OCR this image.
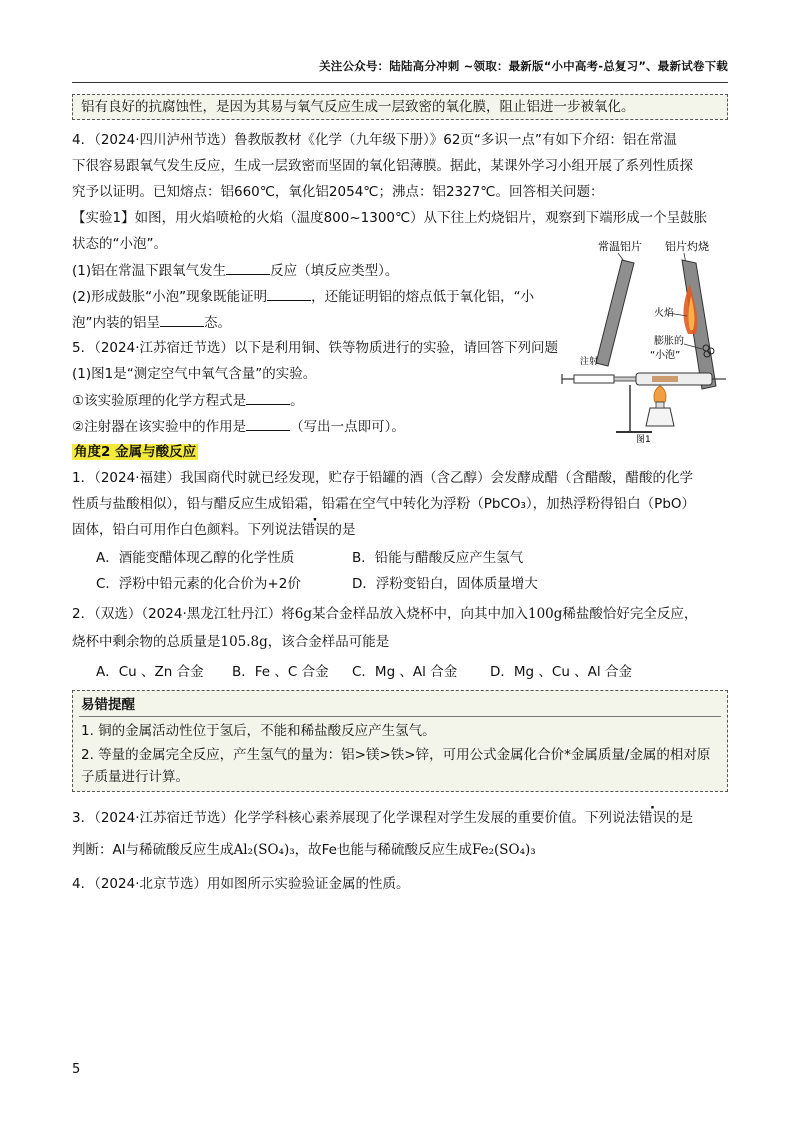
关注公众号：陆陆高分冲刺 ~领取：最新版“小中高考-总复习”、最新试卷下载
铝有良好的抗腐蚀性，是因为其易与氧气反应生成一层致密的氧化膜，阻止铝进一步被氧化。
4．（2024·四川泸州节选）鲁教版教材《化学（九年级下册）》62页“多识一点”有如下介绍：铝在常温
下很容易跟氧气发生反应，生成一层致密而坚固的氧化铝薄膜。据此，某课外学习小组开展了系列性质探
究予以证明。已知熔点：铝660℃，氧化铝2054℃；沸点：铝2327℃。回答相关问题：
【实验1】如图，用火焰喷枪的火焰（温度800~1300℃）从下往上灼烧铝片，观察到下端形成一个呈鼓胀
状态的“小泡”。
(1)铝在常温下跟氧气发生	反应（填反应类型）。
(2)形成鼓胀“小泡”现象既能证明	，还能证明铝的熔点低于氧化铝，“小
泡”内装的铝呈	态。
5．（2024·江苏宿迁节选）以下是利用铜、铁等物质进行的实验，请回答下列问题
(1)图1是“测定空气中氧气含量”的实验。
①该实验原理的化学方程式是	。
②注射器在该实验中的作用是	（写出一点即可）。
常温铝片 铝片灼烧
火焰
膨胀的
“小泡”
注射
图1
角度2 金属与酸反应
1．（2024·福建）我国商代时就已经发现，贮存于铅罐的酒（含乙醇）会发酵成醋（含醋酸，醋酸的化学
性质与盐酸相似），铅与醋反应生成铅霜，铅霜在空气中转化为浮粉（PbCO₃），加热浮粉得铅白（PbO）
固体，铅白可用作白色颜料。下列说法错误的是
A．酒能变醋体现乙醇的化学性质	B．铅能与醋酸反应产生氢气
C．浮粉中铅元素的化合价为+2价	D．浮粉变铅白，固体质量增大
2．（双选）（2024·黑龙江牡丹江）将6g某合金样品放入烧杯中，向其中加入100g稀盐酸恰好完全反应，
烧杯中剩余物的总质量是105.8g，该合金样品可能是
A．Cu 、Zn 合金 B．Fe 、C 合金 C．Mg 、Al 合金 D．Mg 、Cu 、Al 合金
易错提醒
1. 铜的金属活动性位于氢后，不能和稀盐酸反应产生氢气。
2. 等量的金属完全反应，产生氢气的量为：铝>镁>铁>锌，可用公式金属化合价*金属质量/金属的相对原
子质量进行计算。
3．（2024·江苏宿迁节选）化学学科核心素养展现了化学课程对学生发展的重要价值。下列说法错误的是
判断：Al与稀硫酸反应生成Al₂(SO₄)₃，故Fe也能与稀硫酸反应生成Fe₂(SO₄)₃
4．（2024·北京节选）用如图所示实验验证金属的性质。
5
